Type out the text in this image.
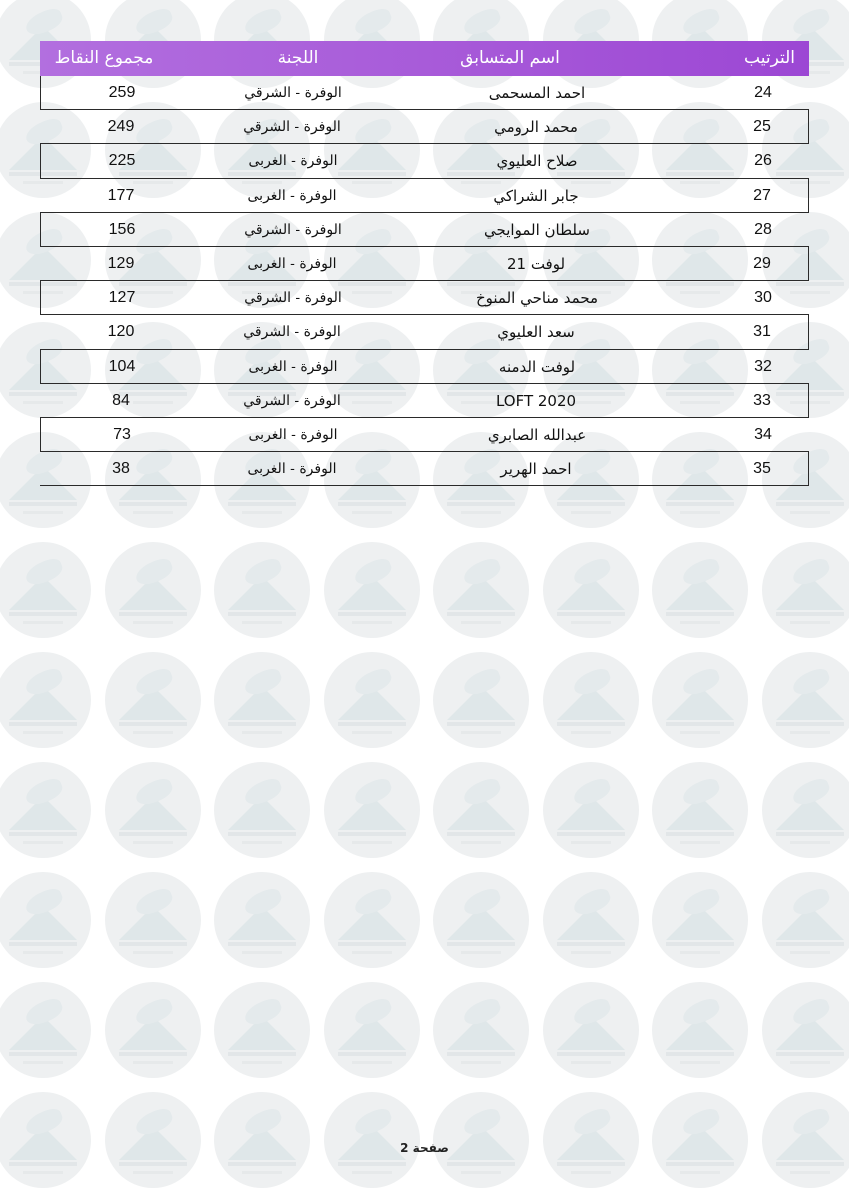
مجموع النقاط	اللجنة	اسم المتسابق	الترتيب
259	الوفرة - الشرقي	احمد المسحمى	24
249	الوفرة - الشرقي	محمد الرومي	25
225	الوفرة - الغربى	صلاح العليوي	26
177	الوفرة - الغربى	جابر الشراكي	27
156	الوفرة - الشرقي	سلطان الموايجي	28
129	الوفرة - الغربى	لوفت 21	29
127	الوفرة - الشرقي	محمد مناحي المنوخ	30
120	الوفرة - الشرقي	سعد العليوي	31
104	الوفرة - الغربى	لوفت الدمنه	32
84	الوفرة - الشرقي	LOFT 2020	33
73	الوفرة - الغربى	عبدالله الصابري	34
38	الوفرة - الغربى	احمد الهرير	35
صفحة 2
